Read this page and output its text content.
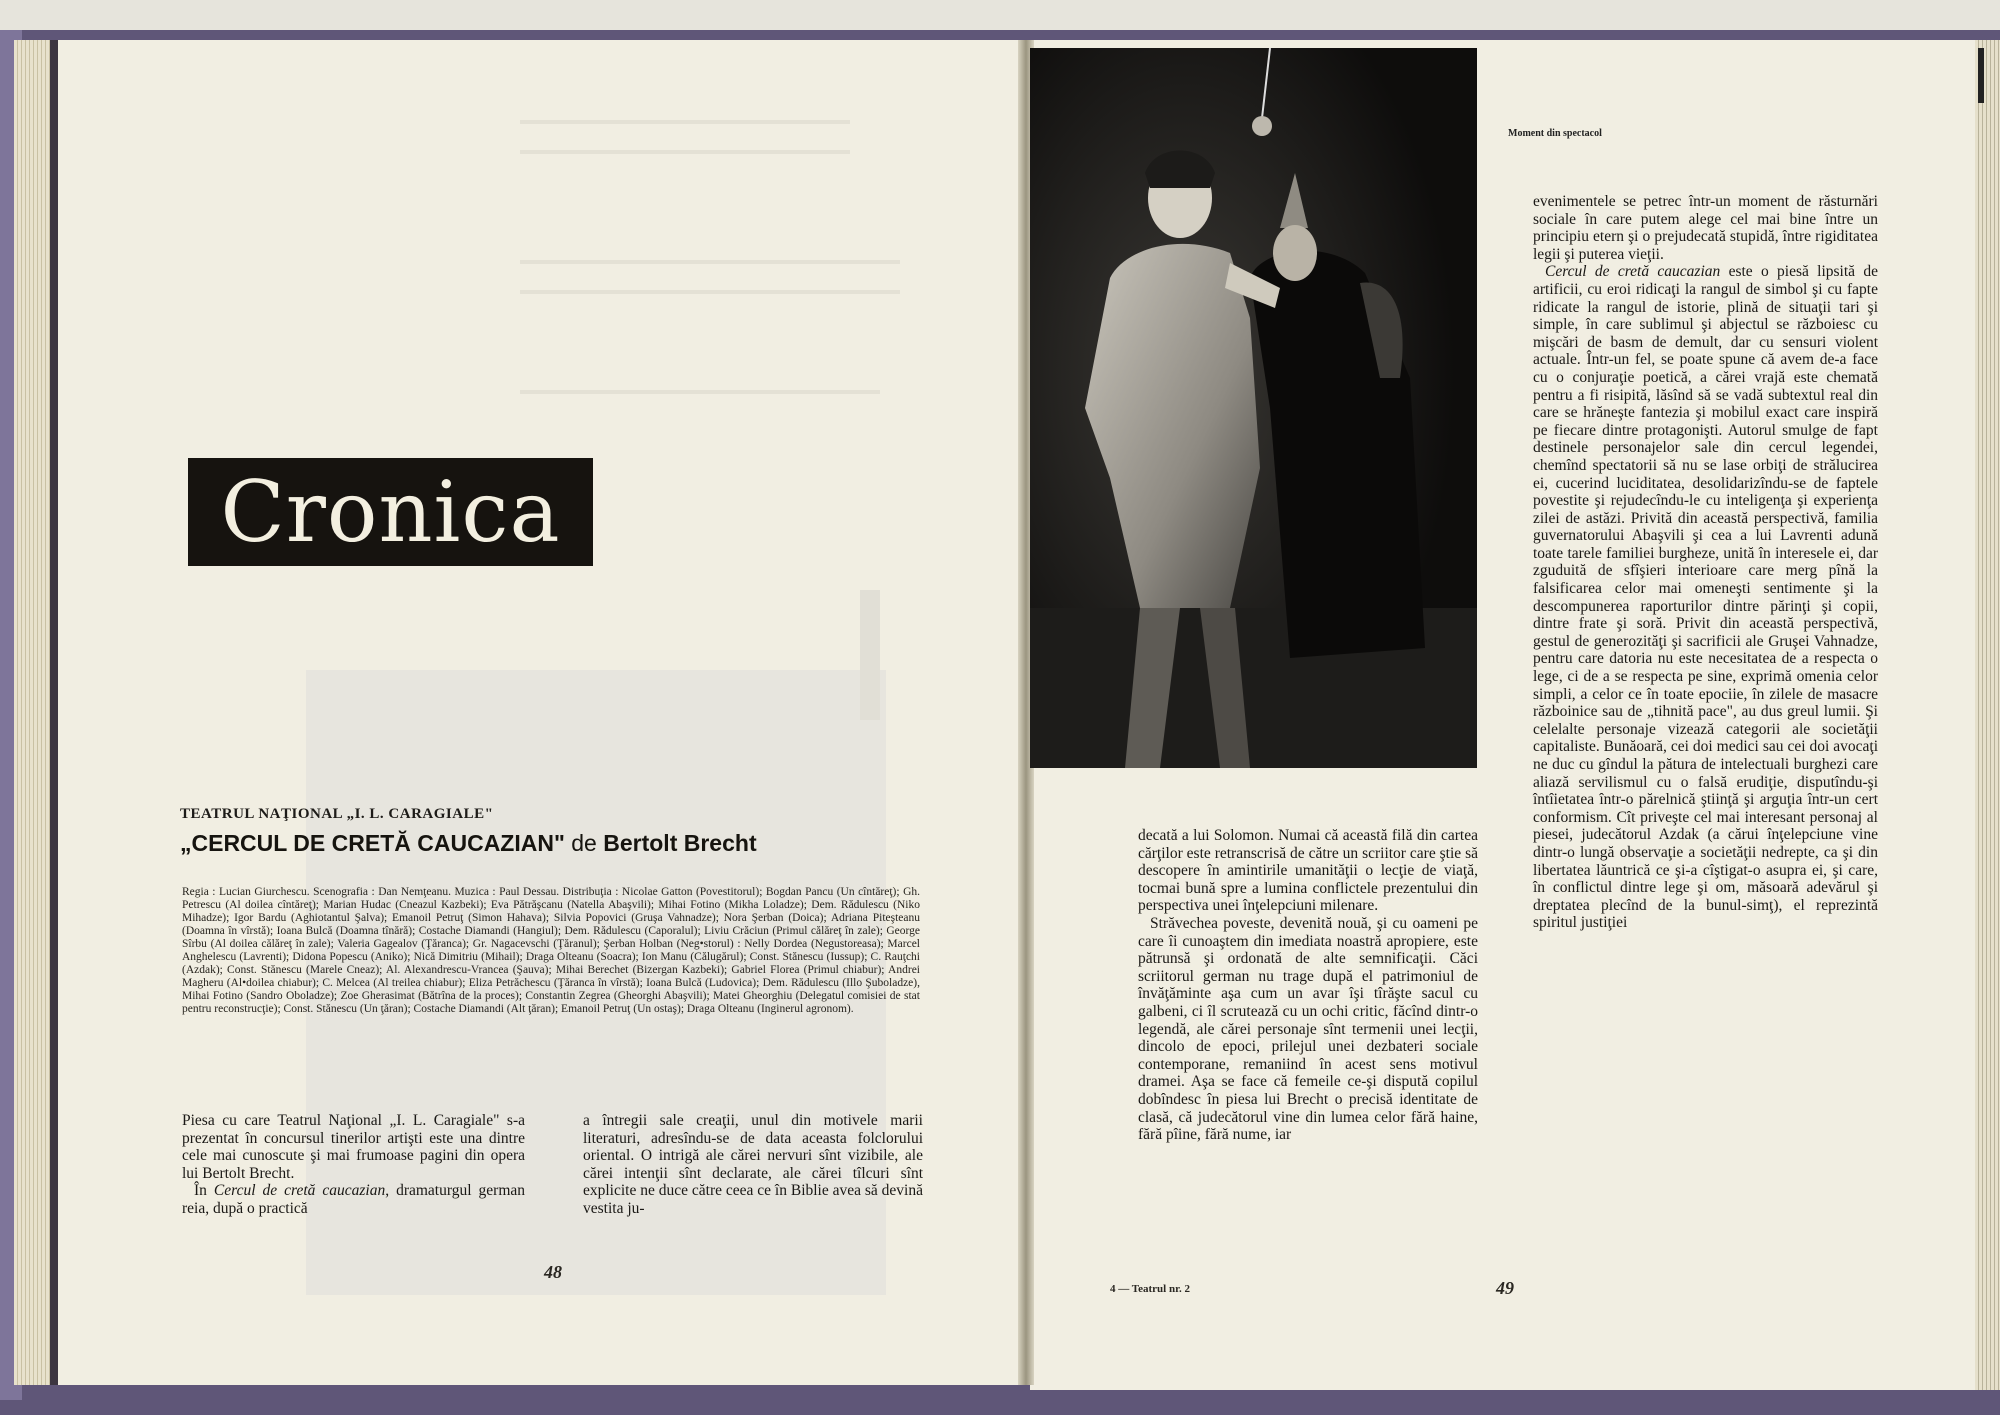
Cronica
TEATRUL NAŢIONAL „I. L. CARAGIALE"
„CERCUL DE CRETĂ CAUCAZIAN" de Bertolt Brecht
Regia : Lucian Giurchescu. Scenografia : Dan Nemţeanu. Muzica : Paul Dessau. Distribuţia : Nicolae Gatton (Povestitorul); Bogdan Pancu (Un cîntăreţ); Gh. Petrescu (Al doilea cîntăreţ); Marian Hudac (Cneazul Kazbeki); Eva Pătrăşcanu (Natella Abaşvili); Mihai Fotino (Mikha Loladze); Dem. Rădulescu (Niko Mihadze); Igor Bardu (Aghiotantul Şalva); Emanoil Petruţ (Simon Hahava); Silvia Popovici (Gruşa Vahnadze); Nora Şerban (Doica); Adriana Piteşteanu (Doamna în vîrstă); Ioana Bulcă (Doamna tînără); Costache Diamandi (Hangiul); Dem. Rădulescu (Caporalul); Liviu Crăciun (Primul călăreţ în zale); George Sîrbu (Al doilea călăreţ în zale); Valeria Gagealov (Ţăranca); Gr. Nagacevschi (Ţăranul); Şerban Holban (Neg•storul) : Nelly Dordea (Negustoreasa); Marcel Anghelescu (Lavrenti); Didona Popescu (Aniko); Nică Dimitriu (Mihail); Draga Olteanu (Soacra); Ion Manu (Călugărul); Const. Stănescu (Iussup); C. Rauţchi (Azdak); Const. Stănescu (Marele Cneaz); Al. Alexandrescu-Vrancea (Şauva); Mihai Berechet (Bizergan Kazbeki); Gabriel Florea (Primul chiabur); Andrei Magheru (Al•doilea chiabur); C. Melcea (Al treilea chiabur); Eliza Petrăchescu (Ţăranca în vîrstă); Ioana Bulcă (Ludovica); Dem. Rădulescu (Illo Şuboladze), Mihai Fotino (Sandro Oboladze); Zoe Gherasimat (Bătrîna de la proces); Constantin Zegrea (Gheorghi Abaşvili); Matei Gheorghiu (Delegatul comisiei de stat pentru reconstrucţie); Const. Stănescu (Un ţăran); Costache Diamandi (Alt ţăran); Emanoil Petruţ (Un ostaş); Draga Olteanu (Inginerul agronom).

Piesa cu care Teatrul Naţional „I. L. Caragiale" s-a prezentat în concursul tinerilor artişti este una dintre cele mai cunoscute şi mai frumoase pagini din opera lui Bertolt Brecht.

În Cercul de cretă caucazian, dramaturgul german reia, după o practică

a întregii sale creaţii, unul din motivele marii literaturi, adresîndu-se de data aceasta folclorului oriental. O intrigă ale cărei nervuri sînt vizibile, ale cărei intenţii sînt declarate, ale cărei tîlcuri sînt explicite ne duce către ceea ce în Biblie avea să devină vestita ju-

48
Moment din spectacol

decată a lui Solomon. Numai că această filă din cartea cărţilor este retranscrisă de către un scriitor care ştie să descopere în amintirile umanităţii o lecţie de viaţă, tocmai bună spre a lumina conflictele prezentului din perspectiva unei înţelepciuni milenare.

Străvechea poveste, devenită nouă, şi cu oameni pe care îi cunoaştem din imediata noastră apropiere, este pătrunsă şi ordonată de alte semnificaţii. Căci scriitorul german nu trage după el patrimoniul de învăţăminte aşa cum un avar îşi tîrăşte sacul cu galbeni, ci îl scrutează cu un ochi critic, făcînd dintr-o legendă, ale cărei personaje sînt termenii unei lecţii, dincolo de epoci, prilejul unei dezbateri sociale contemporane, remaniind în acest sens motivul dramei. Aşa se face că femeile ce-şi dispută copilul dobîndesc în piesa lui Brecht o precisă identitate de clasă, că judecătorul vine din lumea celor fără haine, fără pîine, fără nume, iar

evenimentele se petrec într-un moment de răsturnări sociale în care putem alege cel mai bine între un principiu etern şi o prejudecată stupidă, între rigiditatea legii şi puterea vieţii.

Cercul de cretă caucazian este o piesă lipsită de artificii, cu eroi ridicaţi la rangul de simbol şi cu fapte ridicate la rangul de istorie, plină de situaţii tari şi simple, în care sublimul şi abjectul se războiesc cu mişcări de basm de demult, dar cu sensuri violent actuale. Într-un fel, se poate spune că avem de-a face cu o conjuraţie poetică, a cărei vrajă este chemată pentru a fi risipită, lăsînd să se vadă subtextul real din care se hrăneşte fantezia şi mobilul exact care inspiră pe fiecare dintre protagonişti. Autorul smulge de fapt destinele personajelor sale din cercul legendei, chemînd spectatorii să nu se lase orbiţi de strălucirea ei, cucerind luciditatea, desolidarizîndu-se de faptele povestite şi rejudecîndu-le cu inteligenţa şi experienţa zilei de astăzi. Privită din această perspectivă, familia guvernatorului Abaşvili şi cea a lui Lavrenti adună toate tarele familiei burgheze, unită în interesele ei, dar zguduită de sfîşieri interioare care merg pînă la falsificarea celor mai omeneşti sentimente şi la descompunerea raporturilor dintre părinţi şi copii, dintre frate şi soră. Privit din această perspectivă, gestul de generozităţi şi sacrificii ale Gruşei Vahnadze, pentru care datoria nu este necesitatea de a respecta o lege, ci de a se respecta pe sine, exprimă omenia celor simpli, a celor ce în toate epociie, în zilele de masacre războinice sau de „tihnită pace", au dus greul lumii. Şi celelalte personaje vizează categorii ale societăţii capitaliste. Bunăoară, cei doi medici sau cei doi avocaţi ne duc cu gîndul la pătura de intelectuali burghezi care aliază servilismul cu o falsă erudiţie, disputîndu-şi întîietatea într-o părelnică ştiinţă şi arguţia într-un cert conformism. Cît priveşte cel mai interesant personaj al piesei, judecătorul Azdak (a cărui înţelepciune vine dintr-o lungă observaţie a societăţii nedrepte, ca şi din libertatea lăuntrică ce şi-a cîştigat-o asupra ei, şi care, în conflictul dintre lege şi om, măsoară adevărul şi dreptatea plecînd de la bunul-simţ), el reprezintă spiritul justiţiei

4 — Teatrul nr. 2	49
